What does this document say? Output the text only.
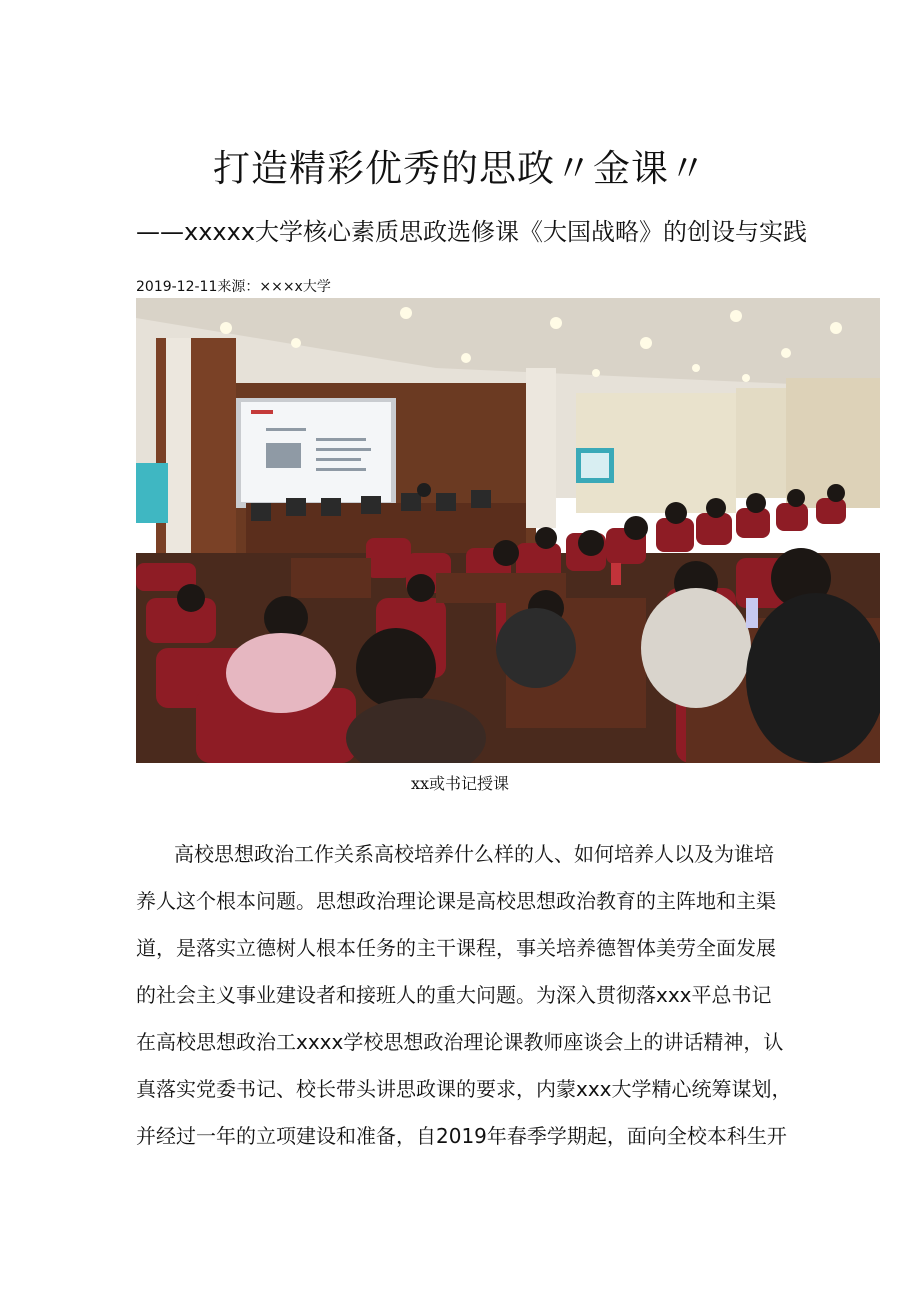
打造精彩优秀的思政〃金课〃

——xxxxx大学核心素质思政选修课《大国战略》的创设与实践

2019-12-11来源：×××x大学
xx或书记授课
高校思想政治工作关系高校培养什么样的人、如何培养人以及为谁培
养人这个根本问题。思想政治理论课是高校思想政治教育的主阵地和主渠
道，是落实立德树人根本任务的主干课程，事关培养德智体美劳全面发展
的社会主义事业建设者和接班人的重大问题。为深入贯彻落xxx平总书记
在高校思想政治工xxxx学校思想政治理论课教师座谈会上的讲话精神，认
真落实党委书记、校长带头讲思政课的要求，内蒙xxx大学精心统筹谋划，
并经过一年的立项建设和准备，自2019年春季学期起，面向全校本科生开
